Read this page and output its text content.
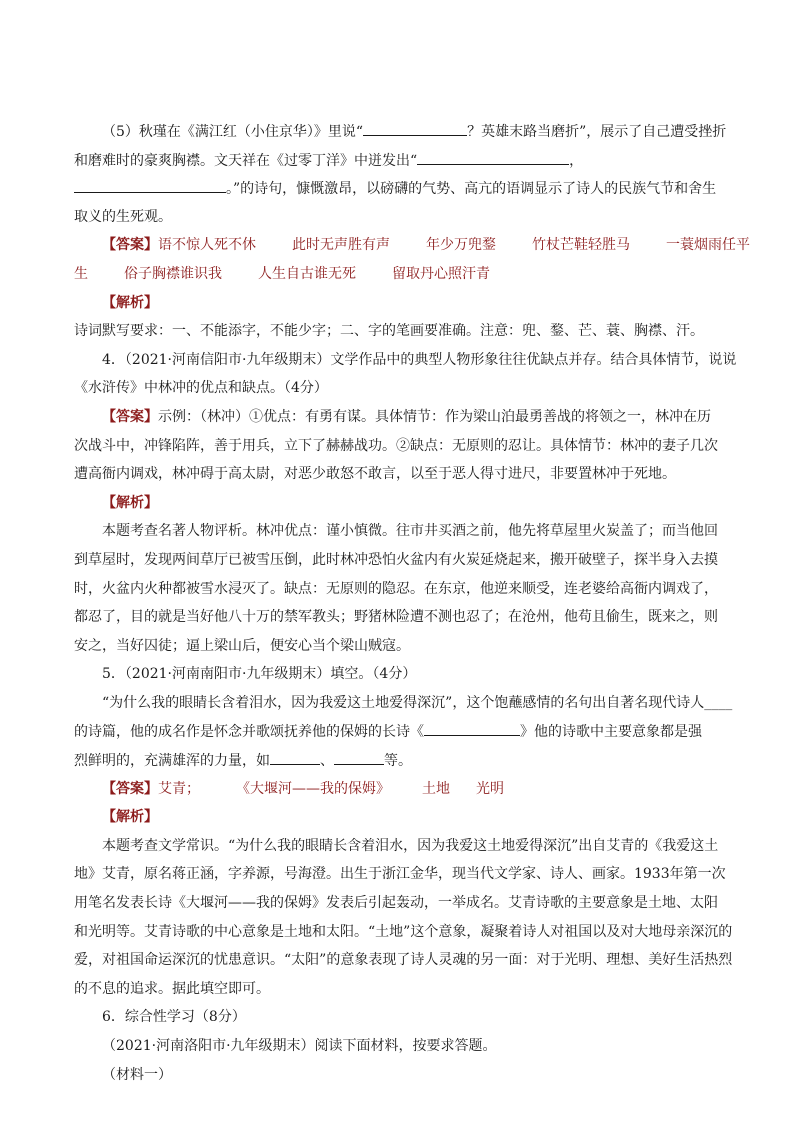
（5）秋瑾在《满江红（小住京华）》里说“	？英雄末路当磨折”，展示了自己遭受挫折
和磨难时的豪爽胸襟。文天祥在《过零丁洋》中迸发出“	，
。”的诗句，慷慨激昂，以磅礴的气势、高亢的语调显示了诗人的民族气节和舍生
取义的生死观。
【答案】语不惊人死不休	此时无声胜有声	年少万兜鍪	竹杖芒鞋轻胜马	一蓑烟雨任平
生	俗子胸襟谁识我	人生自古谁无死	留取丹心照汗青
【解析】
诗词默写要求：一、不能添字，不能少字；二、字的笔画要准确。注意：兜、鍪、芒、蓑、胸襟、汗。
4．（2021·河南信阳市·九年级期末）文学作品中的典型人物形象往往优缺点并存。结合具体情节，说说
《水浒传》中林冲的优点和缺点。（4分）
【答案】示例：（林冲）①优点：有勇有谋。具体情节：作为梁山泊最勇善战的将领之一，林冲在历
次战斗中，冲锋陷阵，善于用兵，立下了赫赫战功。②缺点：无原则的忍让。具体情节：林冲的妻子几次
遭高衙内调戏，林冲碍于高太尉，对恶少敢怒不敢言，以至于恶人得寸进尺，非要置林冲于死地。
【解析】
本题考查名著人物评析。林冲优点：谨小慎微。往市井买酒之前，他先将草屋里火炭盖了；而当他回
到草屋时，发现两间草厅已被雪压倒，此时林冲恐怕火盆内有火炭延烧起来，搬开破壁子，探半身入去摸
时，火盆内火种都被雪水浸灭了。缺点：无原则的隐忍。在东京，他逆来顺受，连老婆给高衙内调戏了，
都忍了，目的就是当好他八十万的禁军教头；野猪林险遭不测也忍了；在沧州，他苟且偷生，既来之，则
安之，当好囚徒；逼上梁山后，便安心当个梁山贼寇。
5．（2021·河南南阳市·九年级期末）填空。（4分）
“为什么我的眼睛长含着泪水，因为我爱这土地爱得深沉”，这个饱蘸感情的名句出自著名现代诗人____
的诗篇，他的成名作是怀念并歌颂抚养他的保姆的长诗《	》他的诗歌中主要意象都是强
烈鲜明的，充满雄浑的力量，如	、	等。
【答案】艾青；	《大堰河——我的保姆》 土地 光明
【解析】
本题考查文学常识。“为什么我的眼睛长含着泪水，因为我爱这土地爱得深沉”出自艾青的《我爱这土
地》艾青，原名蒋正涵，字养源，号海澄。出生于浙江金华，现当代文学家、诗人、画家。1933年第一次
用笔名发表长诗《大堰河——我的保姆》发表后引起轰动，一举成名。艾青诗歌的主要意象是土地、太阳
和光明等。艾青诗歌的中心意象是土地和太阳。“土地”这个意象，凝聚着诗人对祖国以及对大地母亲深沉的
爱，对祖国命运深沉的忧患意识。“太阳”的意象表现了诗人灵魂的另一面：对于光明、理想、美好生活热烈
的不息的追求。据此填空即可。
6．综合性学习（8分）
（2021·河南洛阳市·九年级期末）阅读下面材料，按要求答题。
（材料一）
